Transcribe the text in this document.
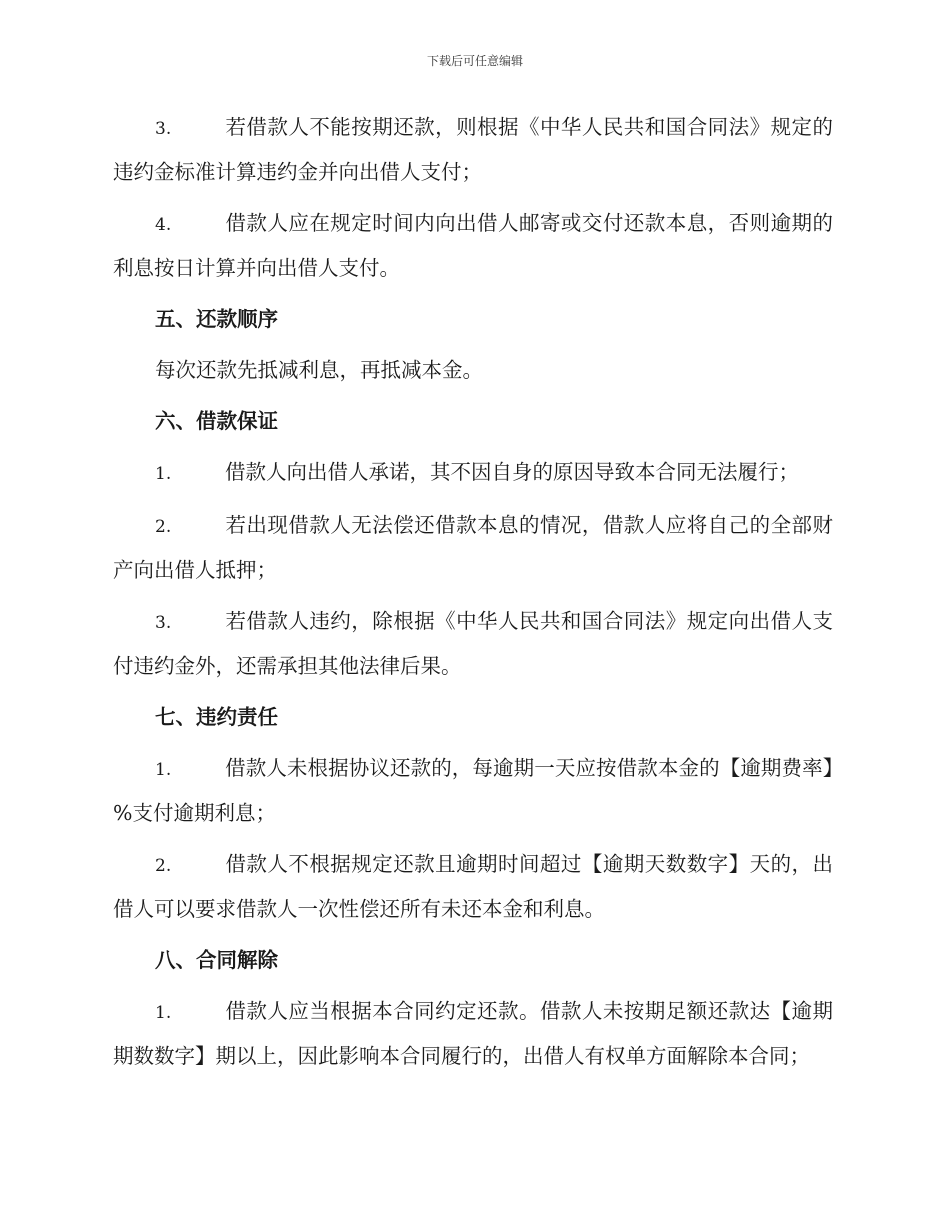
下载后可任意编辑

3.	若借款人不能按期还款，则根据《中华人民共和国合同法》规定的违约金标准计算违约金并向出借人支付；

4.	借款人应在规定时间内向出借人邮寄或交付还款本息，否则逾期的利息按日计算并向出借人支付。

五、还款顺序

每次还款先抵减利息，再抵减本金。

六、借款保证

1.	借款人向出借人承诺，其不因自身的原因导致本合同无法履行；

2.	若出现借款人无法偿还借款本息的情况，借款人应将自己的全部财产向出借人抵押；

3.	若借款人违约，除根据《中华人民共和国合同法》规定向出借人支付违约金外，还需承担其他法律后果。

七、违约责任

1.	借款人未根据协议还款的，每逾期一天应按借款本金的【逾期费率】%支付逾期利息；

2.	借款人不根据规定还款且逾期时间超过【逾期天数数字】天的，出借人可以要求借款人一次性偿还所有未还本金和利息。

八、合同解除

1.	借款人应当根据本合同约定还款。借款人未按期足额还款达【逾期期数数字】期以上，因此影响本合同履行的，出借人有权单方面解除本合同；
